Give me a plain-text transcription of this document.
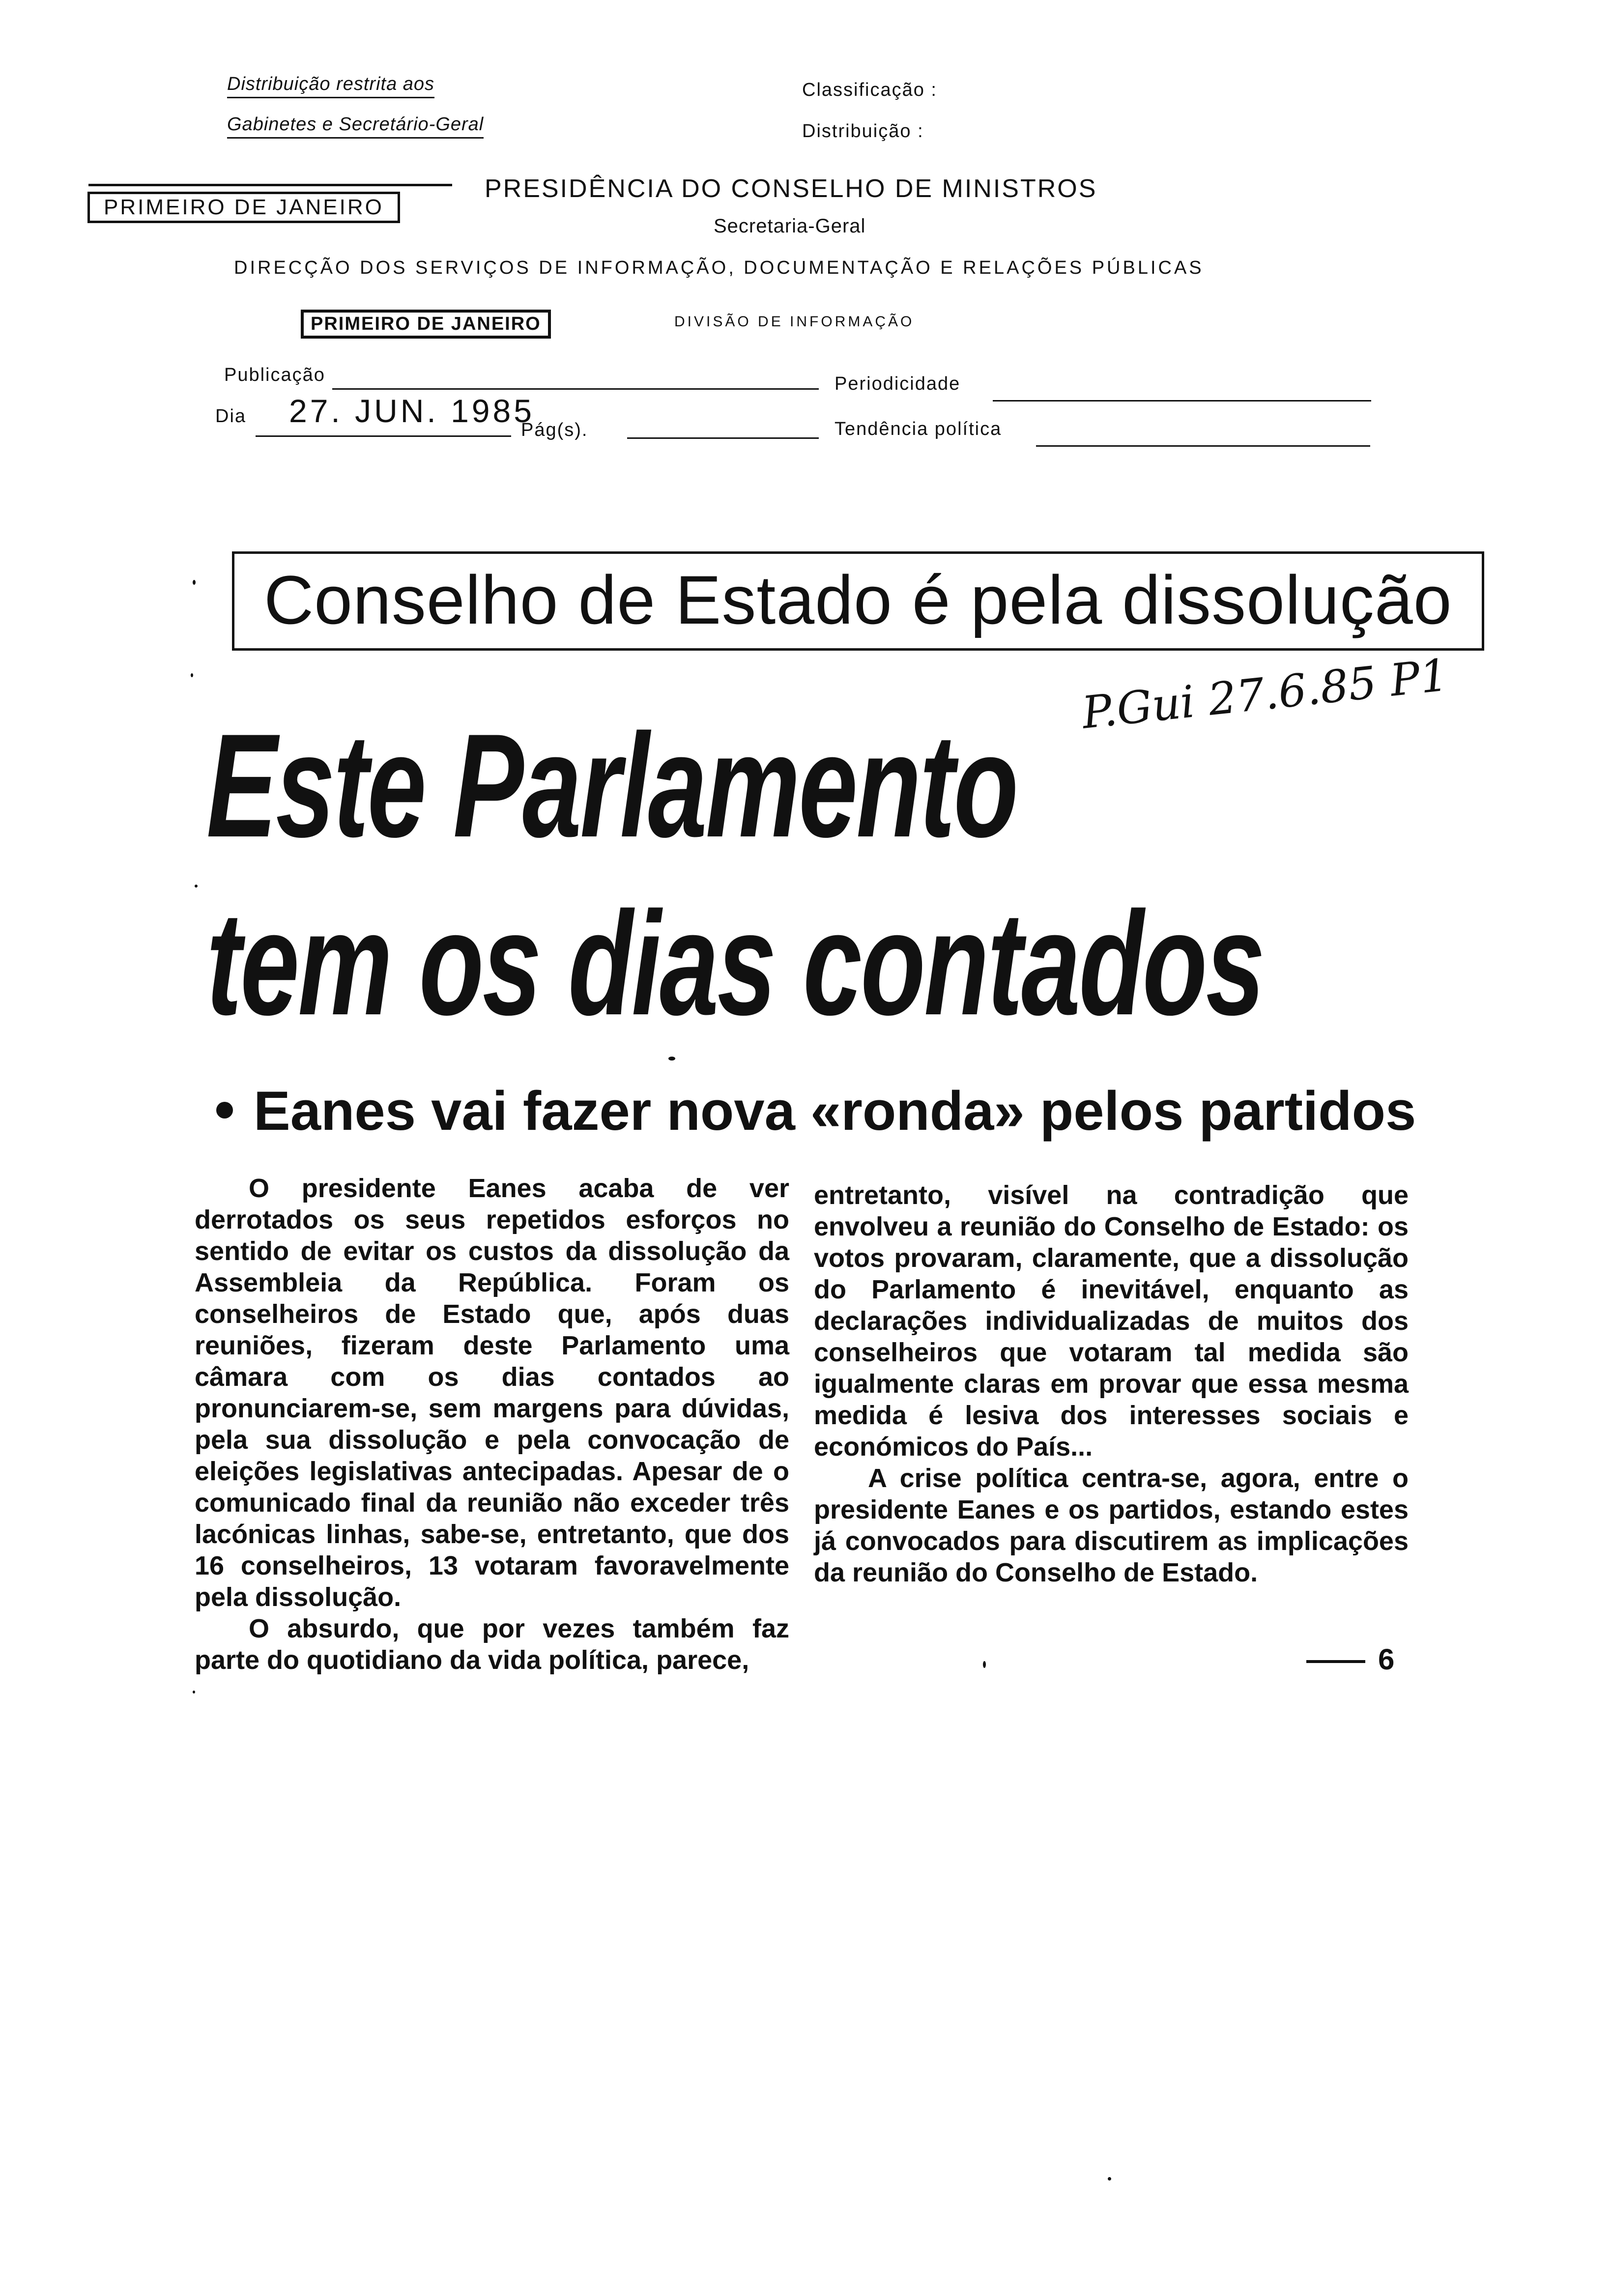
Distribuição restrita aos
Gabinetes e Secretário-Geral
Classificação :
Distribuição :
PRIMEIRO DE JANEIRO
PRESIDÊNCIA DO CONSELHO DE MINISTROS
Secretaria-Geral
DIRECÇÃO DOS SERVIÇOS DE INFORMAÇÃO, DOCUMENTAÇÃO E RELAÇÕES PÚBLICAS
PRIMEIRO DE JANEIRO	DIVISÃO DE INFORMAÇÃO
Publicação	Periodicidade
Dia 27. JUN. 1985
Pág(s).	Tendência política
Conselho de Estado é pela dissolução
P.Gui 27.6.85 P1
Este Parlamento
tem os dias contados
Eanes vai fazer nova «ronda» pelos partidos

O presidente Eanes acaba de ver derrotados os seus repetidos esforços no sentido de evitar os custos da dissolução da Assembleia da República. Foram os conselheiros de Estado que, após duas reuniões, fizeram deste Parlamento uma câmara com os dias contados ao pronunciarem-se, sem margens para dúvidas, pela sua dissolução e pela convocação de eleições legislativas antecipadas. Apesar de o comunicado final da reunião não exceder três lacónicas linhas, sabe-se, entretanto, que dos 16 conselheiros, 13 votaram favoravelmente pela dissolução.

O absurdo, que por vezes também faz parte do quotidiano da vida política, parece,

entretanto, visível na contradição que envolveu a reunião do Conselho de Estado: os votos provaram, claramente, que a dissolução do Parlamento é inevitável, enquanto as declarações individualizadas de muitos dos conselheiros que votaram tal medida são igualmente claras em provar que essa mesma medida é lesiva dos interesses sociais e económicos do País...

A crise política centra-se, agora, entre o presidente Eanes e os partidos, estando estes já convocados para discutirem as implicações da reunião do Conselho de Estado.

6
